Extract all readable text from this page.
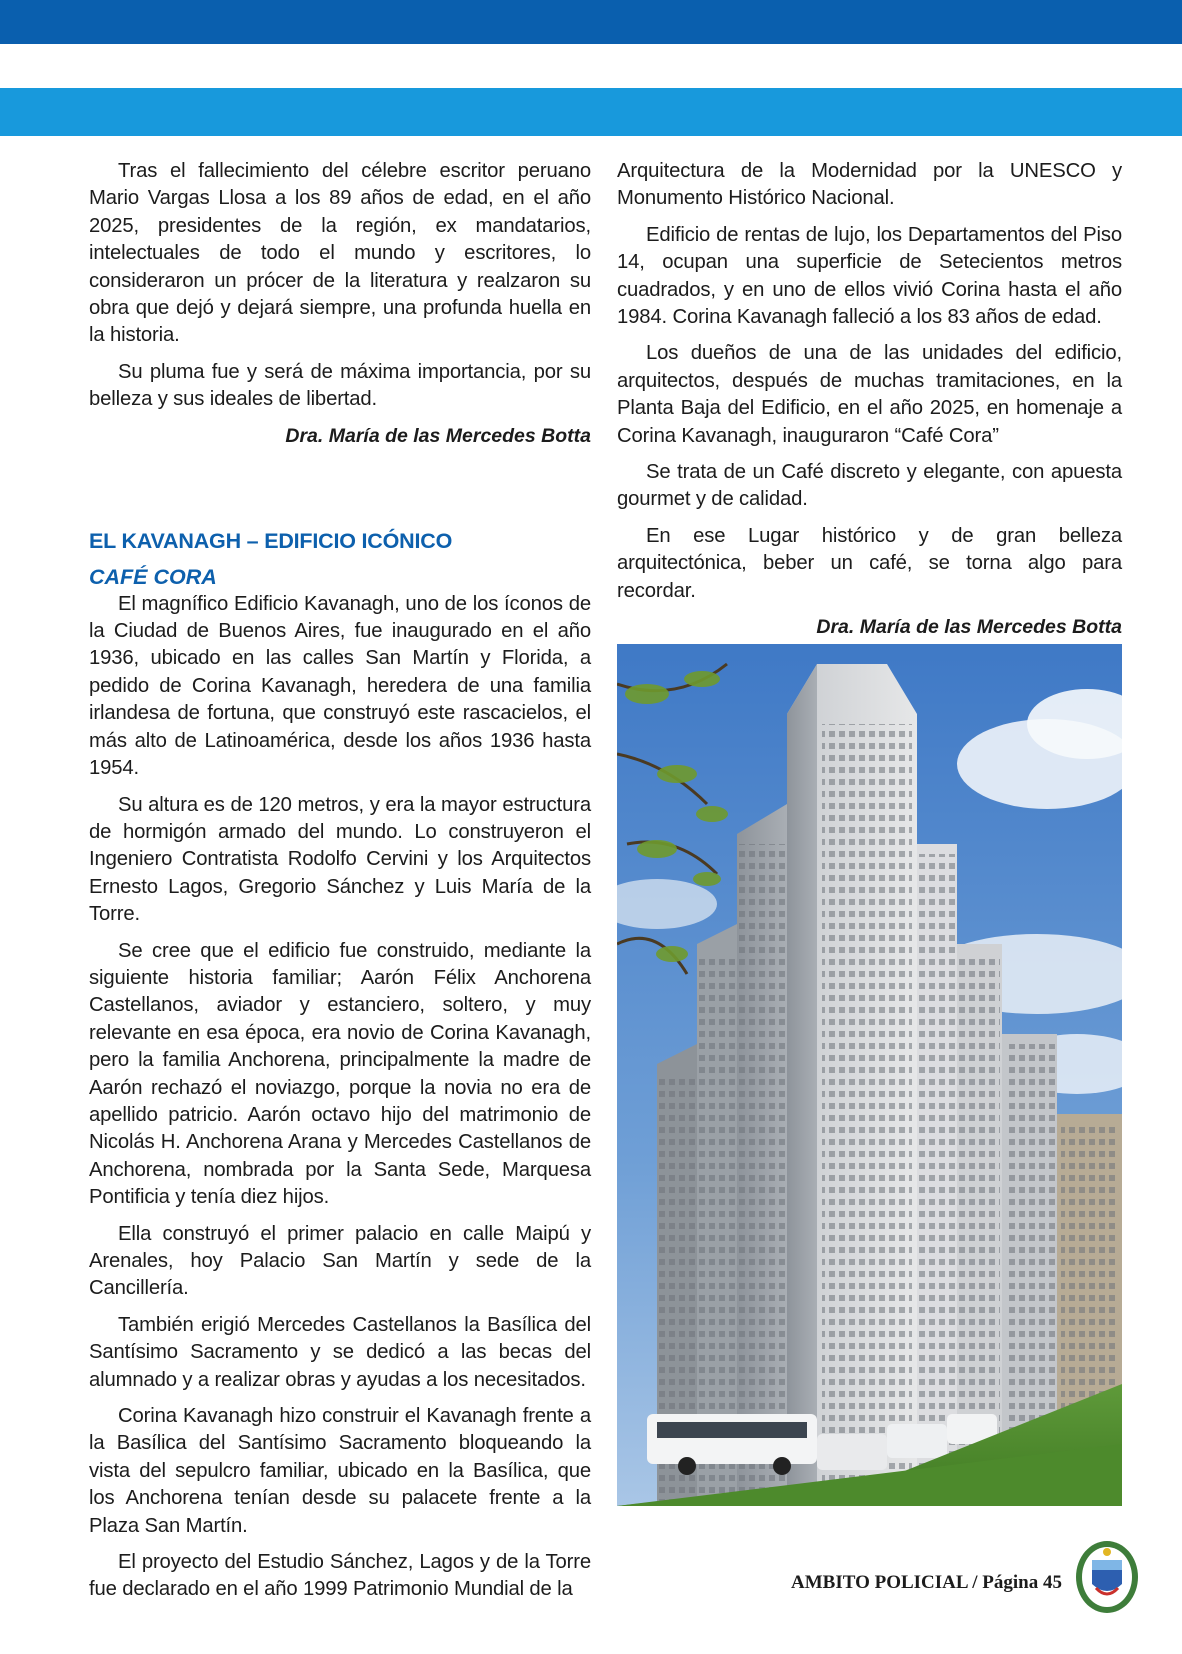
Tras el fallecimiento del célebre escritor peruano Mario Vargas Llosa a los 89 años de edad, en el año 2025, presidentes de la región, ex mandatarios, intelectuales de todo el mundo y escritores, lo consideraron un prócer de la literatura y realzaron su obra que dejó y dejará siempre, una profunda huella en la historia.

Su pluma fue y será de máxima importancia, por su belleza y sus ideales de libertad.

Dra. María de las Mercedes Botta

EL KAVANAGH – EDIFICIO ICÓNICO
CAFÉ CORA

El magnífico Edificio Kavanagh, uno de los íconos de la Ciudad de Buenos Aires, fue inaugurado en el año 1936, ubicado en las calles San Martín y Florida, a pedido de Corina Kavanagh, heredera de una familia irlandesa de fortuna, que construyó este rascacielos, el más alto de Latinoamérica, desde los años 1936 hasta 1954.

Su altura es de 120 metros, y era la mayor estructura de hormigón armado del mundo. Lo construyeron el Ingeniero Contratista Rodolfo Cervini y los Arquitectos Ernesto Lagos, Gregorio Sánchez y Luis María de la Torre.

Se cree que el edificio fue construido, mediante la siguiente historia familiar; Aarón Félix Anchorena Castellanos, aviador y estanciero, soltero, y muy relevante en esa época, era novio de Corina Kavanagh, pero la familia Anchorena, principalmente la madre de Aarón rechazó el noviazgo, porque la novia no era de apellido patricio. Aarón octavo hijo del matrimonio de Nicolás H. Anchorena Arana y Mercedes Castellanos de Anchorena, nombrada por la Santa Sede, Marquesa Pontificia y tenía diez hijos.

Ella construyó el primer palacio en calle Maipú y Arenales, hoy Palacio San Martín y sede de la Cancillería.

También erigió Mercedes Castellanos la Basílica del Santísimo Sacramento y se dedicó a las becas del alumnado y a realizar obras y ayudas a los necesitados.

Corina Kavanagh hizo construir el Kavanagh frente a la Basílica del Santísimo Sacramento bloqueando la vista del sepulcro familiar, ubicado en la Basílica, que los Anchorena tenían desde su palacete frente a la Plaza San Martín.

El proyecto del Estudio Sánchez, Lagos y de la Torre fue declarado en el año 1999 Patrimonio Mundial de la

Arquitectura de la Modernidad por la UNESCO y Monumento Histórico Nacional.

Edificio de rentas de lujo, los Departamentos del Piso 14, ocupan una superficie de Setecientos metros cuadrados, y en uno de ellos vivió Corina hasta el año 1984. Corina Kavanagh falleció a los 83 años de edad.

Los dueños de una de las unidades del edificio, arquitectos, después de muchas tramitaciones, en la Planta Baja del Edificio, en el año 2025, en homenaje a Corina Kavanagh, inauguraron “Café Cora”

Se trata de un Café discreto y elegante, con apuesta gourmet y de calidad.

En ese Lugar histórico y de gran belleza arquitectónica, beber un café, se torna algo para recordar.

Dra. María de las Mercedes Botta

AMBITO POLICIAL / Página 45
